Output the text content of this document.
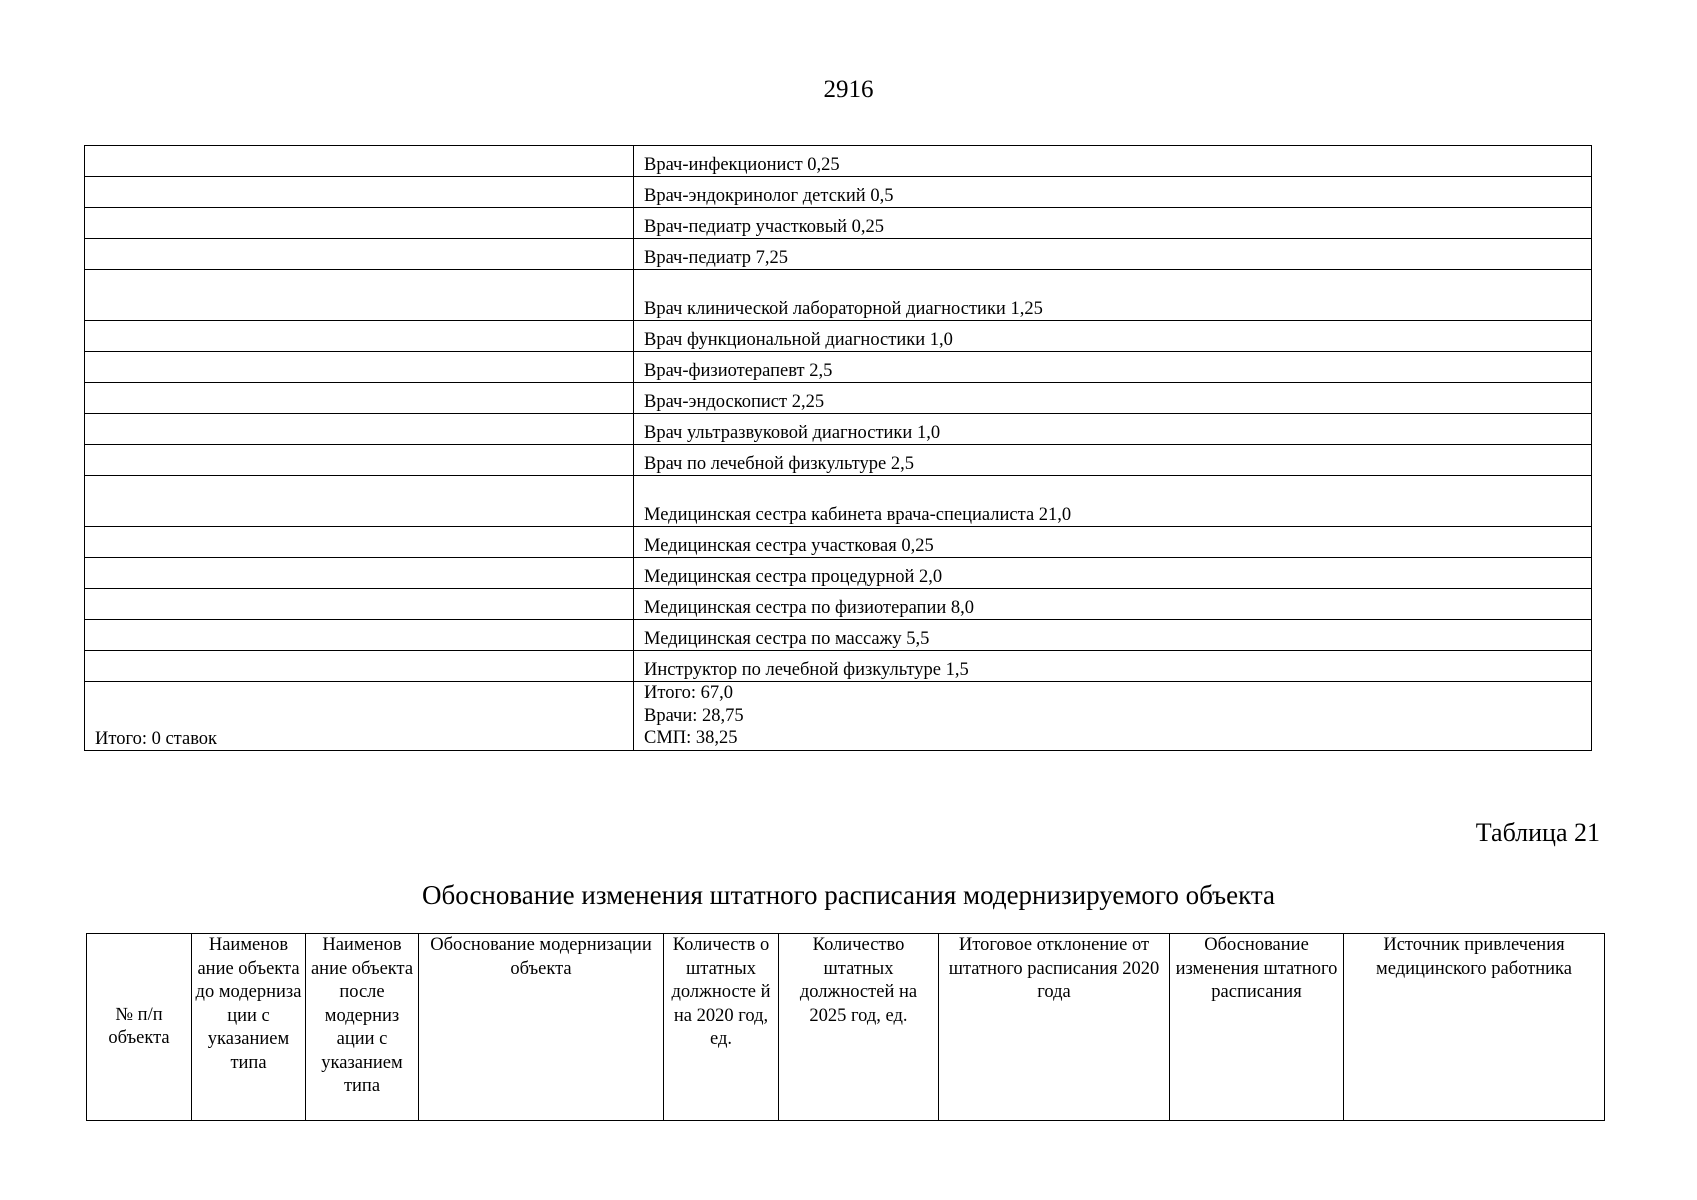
2916
	Врач-инфекционист 0,25
	Врач-эндокринолог детский 0,5
	Врач-педиатр участковый 0,25
	Врач-педиатр 7,25
	Врач клинической лабораторной диагностики 1,25
	Врач функциональной диагностики 1,0
	Врач-физиотерапевт 2,5
	Врач-эндоскопист 2,25
	Врач ультразвуковой диагностики 1,0
	Врач по лечебной физкультуре 2,5
	Медицинская сестра кабинета врача-специалиста 21,0
	Медицинская сестра участковая 0,25
	Медицинская сестра процедурной 2,0
	Медицинская сестра по физиотерапии 8,0
	Медицинская сестра по массажу 5,5
	Инструктор по лечебной физкультуре 1,5
Итого: 0 ставок	Итого: 67,0
Врачи: 28,75
СМП: 38,25
Таблица 21
Обоснование изменения штатного расписания модернизируемого объекта
№ п/п объекта	Наименов ание объекта до модерниза ции с указанием типа	Наименов ание объекта после модерниз ации с указанием типа	Обоснование модернизации объекта	Количеств о штатных должносте й на 2020 год, ед.	Количество штатных должностей на 2025 год, ед.	Итоговое отклонение от штатного расписания 2020 года	Обоснование изменения штатного расписания	Источник привлечения медицинского работника
